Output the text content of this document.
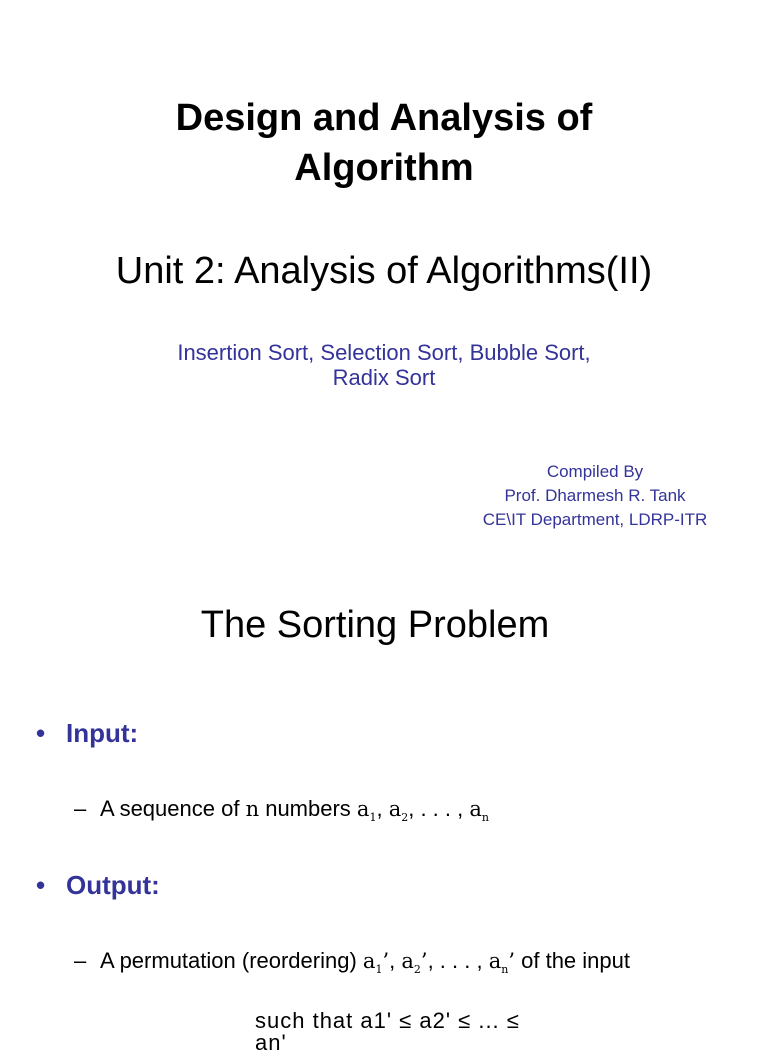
Design and Analysis of
Algorithm
Unit 2: Analysis of Algorithms(II)
Insertion Sort, Selection Sort, Bubble Sort,
Radix Sort
Compiled By
Prof. Dharmesh R. Tank
CE\IT Department, LDRP-ITR
The Sorting Problem
• Input:
– A sequence of n numbers $a_1$, $a_2$, . . . , $a_n$
• Output:
– A permutation (reordering) $a_1$’, $a_2$’, . . . , $a_n$’ of the input
such that a1' ≤ a2' ≤ ... ≤ an'
